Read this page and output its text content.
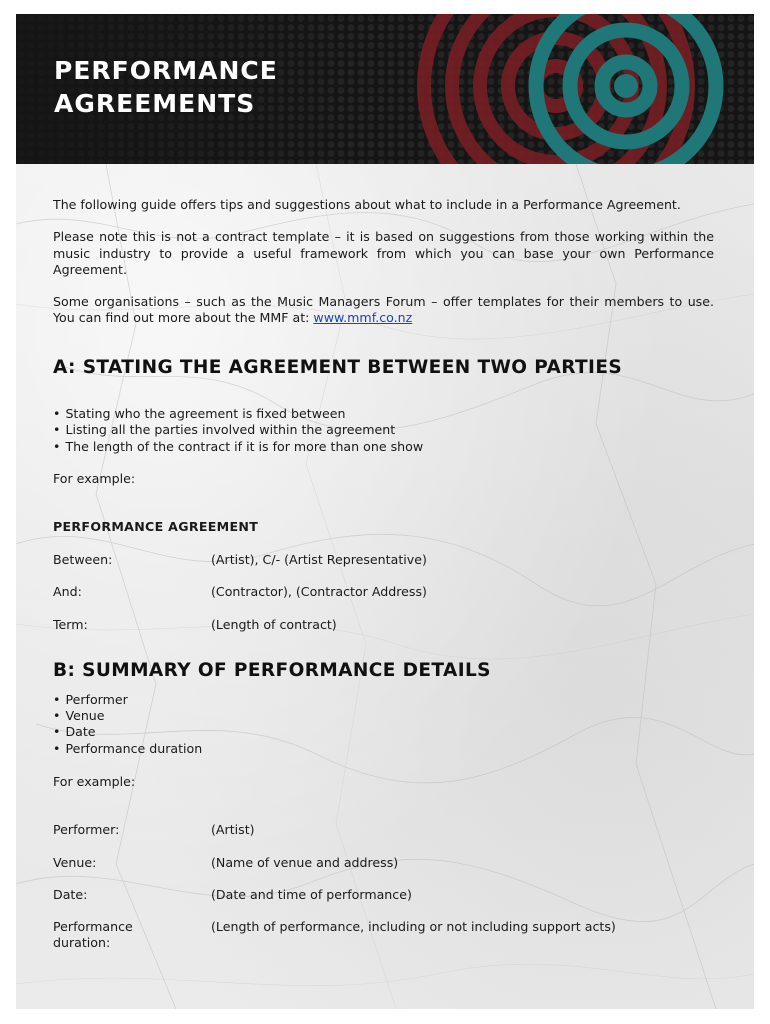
PERFORMANCE
AGREEMENTS

The following guide offers tips and suggestions about what to include in a Performance Agreement.

Please note this is not a contract template – it is based on suggestions from those working within the music industry to provide a useful framework from which you can base your own Performance Agreement.

Some organisations – such as the Music Managers Forum – offer templates for their members to use. You can find out more about the MMF at: www.mmf.co.nz

A: STATING THE AGREEMENT BETWEEN TWO PARTIES
• Stating who the agreement is fixed between
• Listing all the parties involved within the agreement
• The length of the contract if it is for more than one show

For example:

PERFORMANCE AGREEMENT

Between:	(Artist), C/- (Artist Representative)
And:	(Contractor), (Contractor Address)
Term:	(Length of contract)
B: SUMMARY OF PERFORMANCE DETAILS
• Performer
• Venue
• Date
• Performance duration

For example:

Performer:	(Artist)
Venue:	(Name of venue and address)
Date:	(Date and time of performance)
Performance duration:
(Length of performance, including or not including support acts)
